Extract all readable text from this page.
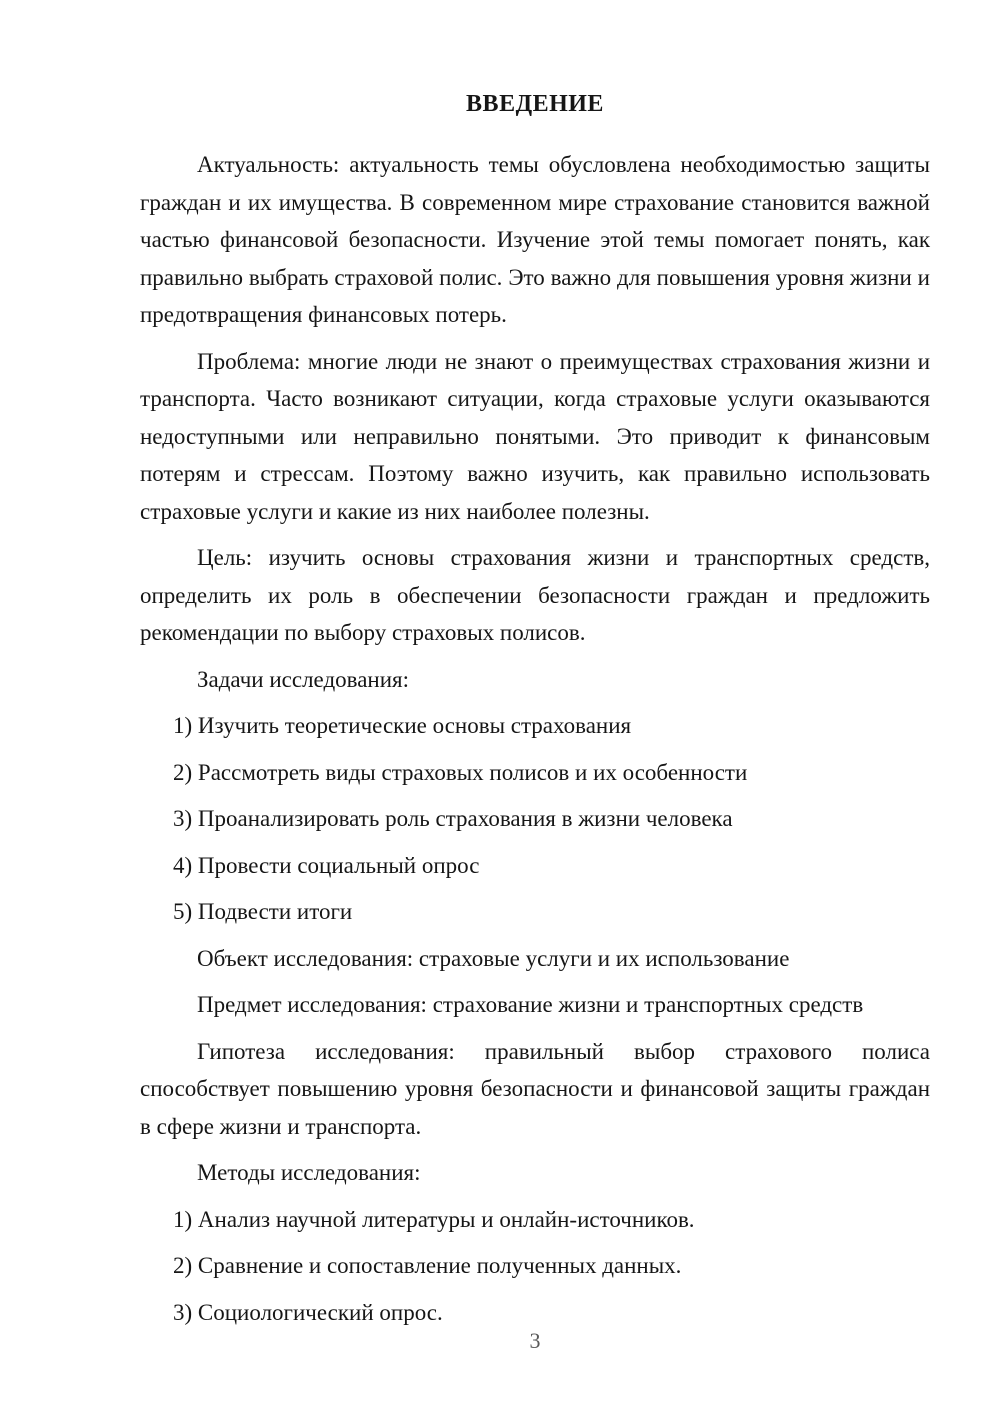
ВВЕДЕНИЕ

Актуальность: актуальность темы обусловлена необходимостью защиты граждан и их имущества. В современном мире страхование становится важной частью финансовой безопасности. Изучение этой темы помогает понять, как правильно выбрать страховой полис. Это важно для повышения уровня жизни и предотвращения финансовых потерь.

Проблема: многие люди не знают о преимуществах страхования жизни и транспорта. Часто возникают ситуации, когда страховые услуги оказываются недоступными или неправильно понятыми. Это приводит к финансовым потерям и стрессам. Поэтому важно изучить, как правильно использовать страховые услуги и какие из них наиболее полезны.

Цель: изучить основы страхования жизни и транспортных средств, определить их роль в обеспечении безопасности граждан и предложить рекомендации по выбору страховых полисов.

Задачи исследования:

1) Изучить теоретические основы страхования
2) Рассмотреть виды страховых полисов и их особенности
3) Проанализировать роль страхования в жизни человека
4) Провести социальный опрос
5) Подвести итоги

Объект исследования: страховые услуги и их использование

Предмет исследования: страхование жизни и транспортных средств

Гипотеза исследования: правильный выбор страхового полиса способствует повышению уровня безопасности и финансовой защиты граждан в сфере жизни и транспорта.

Методы исследования:

1) Анализ научной литературы и онлайн-источников.
2) Сравнение и сопоставление полученных данных.
3) Социологический опрос.
3
